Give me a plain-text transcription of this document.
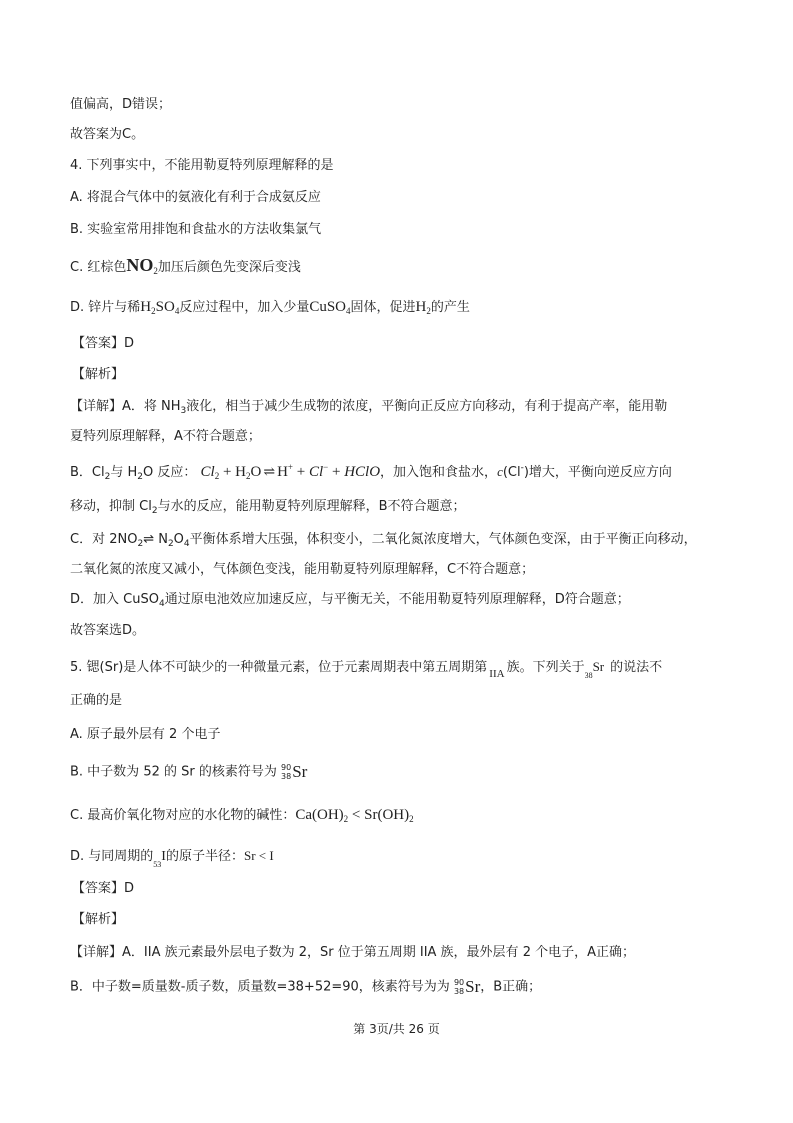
值偏高，D错误；
故答案为C。
4. 下列事实中，不能用勒夏特列原理解释的是
A. 将混合气体中的氨液化有利于合成氨反应
B. 实验室常用排饱和食盐水的方法收集氯气
C. 红棕色$NO_2$加压后颜色先变深后变浅
D. 锌片与稀$H_2SO_4$反应过程中，加入少量CuSO$_4$固体，促进$H_2$的产生
【答案】D
【解析】
【详解】A．将 $NH_3$液化，相当于减少生成物的浓度，平衡向正反应方向移动，有利于提高产率，能用勒
夏特列原理解释，A不符合题意；
B．$Cl_2$与 $H_2O$ 反应： $Cl_2 + H_2O$ ⇌ H+ + Cl− + HClO，加入饱和食盐水，c(Cl-)增大，平衡向逆反应方向
移动，抑制 $Cl_2$与水的反应，能用勒夏特列原理解释，B不符合题意；
C．对 $2NO_2\rightleftharpoons$ $N_2O_4$平衡体系增大压强，体积变小，二氧化氮浓度增大，气体颜色变深，由于平衡正向移动，
二氧化氮的浓度又减小，气体颜色变浅，能用勒夏特列原理解释，C不符合题意；
D．加入 CuSO$_4$通过原电池效应加速反应，与平衡无关，不能用勒夏特列原理解释，D符合题意；
故答案选D。
5. 锶(Sr)是人体不可缺少的一种微量元素，位于元素周期表中第五周期第 $_{IIA}$ 族。下列关于$_{38}$Sr 的说法不
正确的是
A. 原子最外层有 2 个电子
B. 中子数为 52 的 Sr 的核素符号为 90
38 Sr
C. 最高价氧化物对应的水化物的碱性：$Ca(OH)_2 < Sr(OH)_2$
D. 与同周期的$_{53}$I的原子半径：Sr < I
【答案】D
【解析】
【详解】A．IIA 族元素最外层电子数为 2，Sr 位于第五周期 IIA 族，最外层有 2 个电子，A正确；
B．中子数=质量数-质子数，质量数=38+52=90，核素符号为为 90
38 Sr ，B正确；
第 3页/共 26 页
